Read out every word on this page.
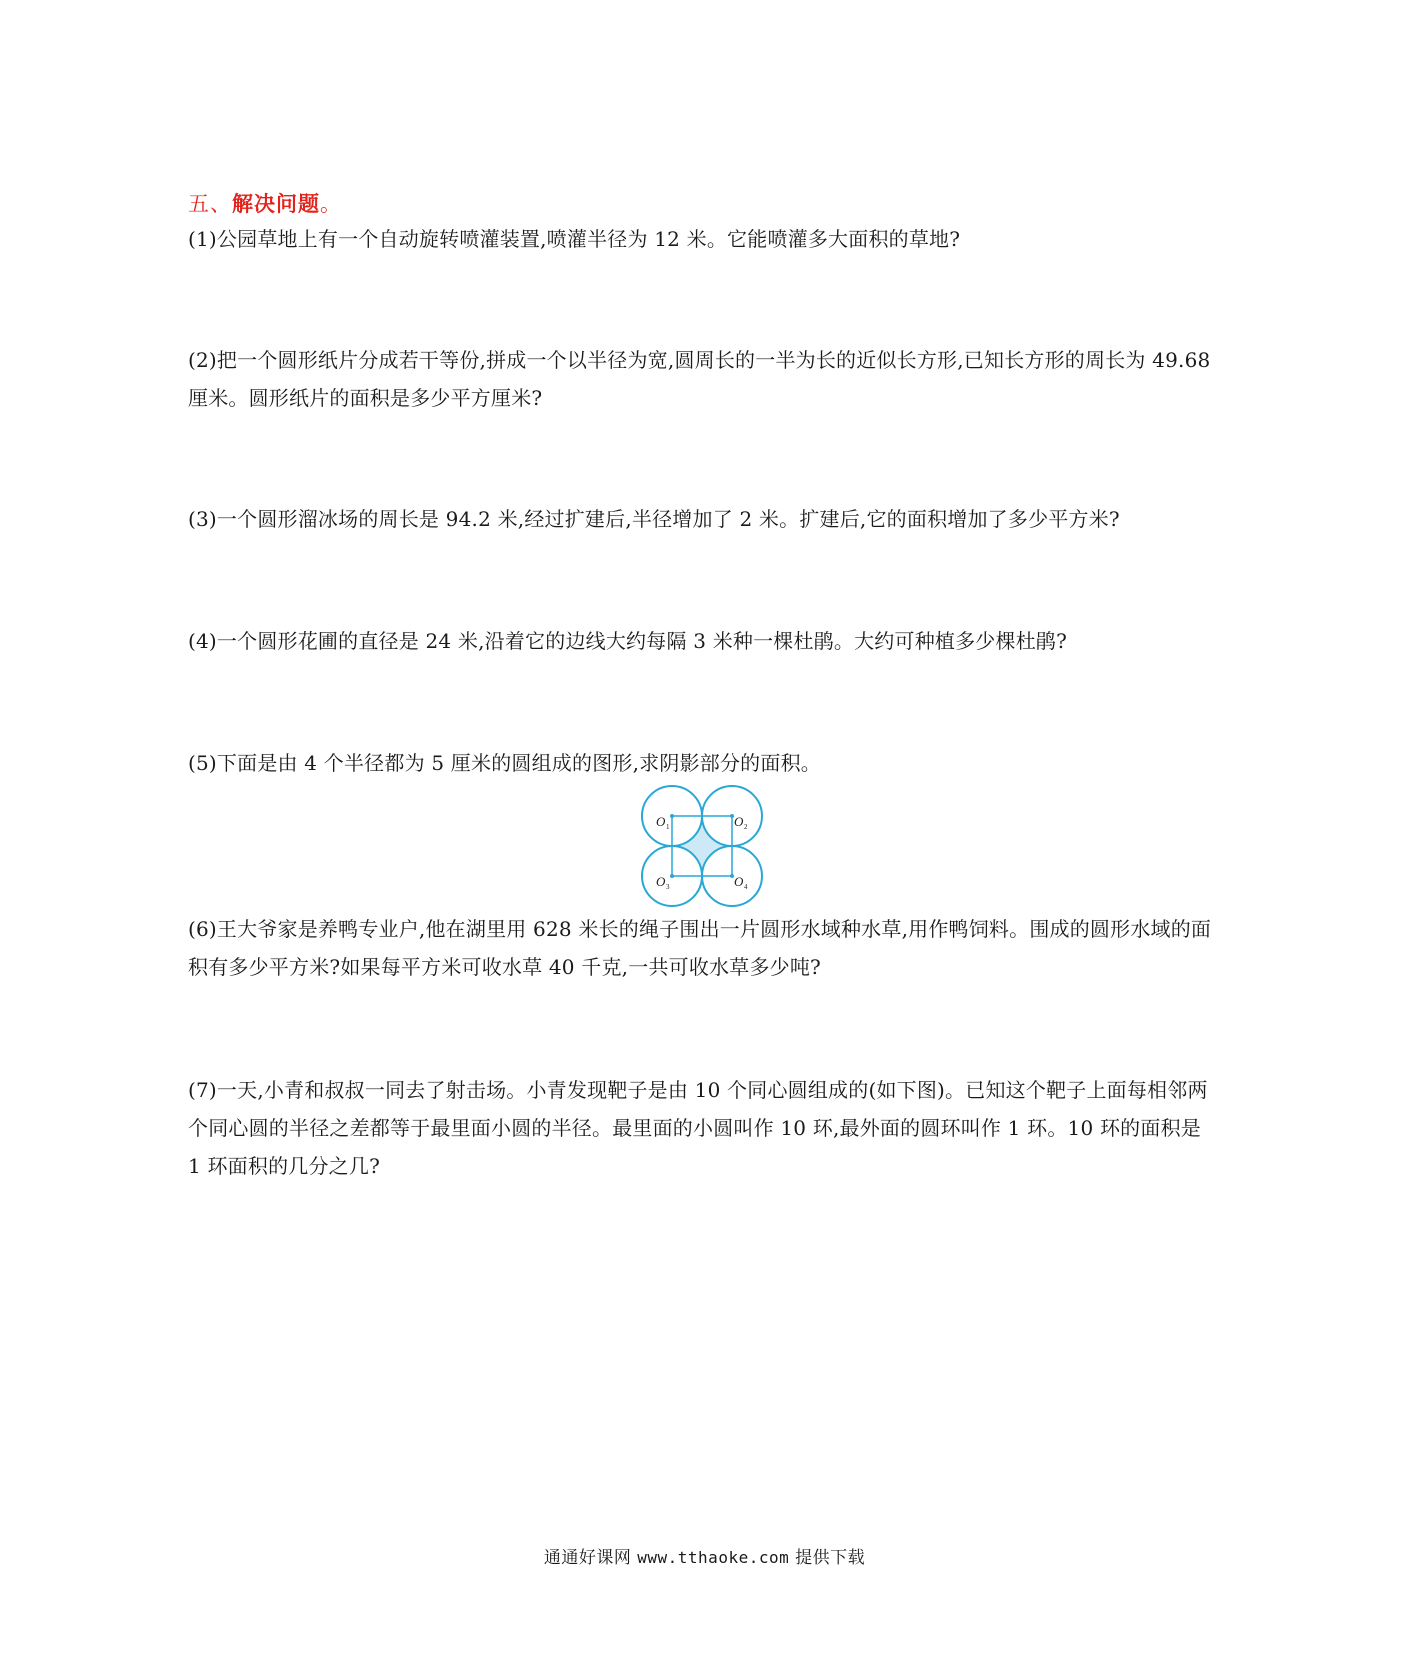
五、解决问题。
(1)公园草地上有一个自动旋转喷灌装置,喷灌半径为 12 米。它能喷灌多大面积的草地?
(2)把一个圆形纸片分成若干等份,拼成一个以半径为宽,圆周长的一半为长的近似长方形,已知长方形的周长为 49.68 厘米。圆形纸片的面积是多少平方厘米?
(3)一个圆形溜冰场的周长是 94.2 米,经过扩建后,半径增加了 2 米。扩建后,它的面积增加了多少平方米?
(4)一个圆形花圃的直径是 24 米,沿着它的边线大约每隔 3 米种一棵杜鹃。大约可种植多少棵杜鹃?
(5)下面是由 4 个半径都为 5 厘米的圆组成的图形,求阴影部分的面积。
O 1	O 2
O 3	O 4
(6)王大爷家是养鸭专业户,他在湖里用 628 米长的绳子围出一片圆形水域种水草,用作鸭饲料。围成的圆形水域的面积有多少平方米?如果每平方米可收水草 40 千克,一共可收水草多少吨?
(7)一天,小青和叔叔一同去了射击场。小青发现靶子是由 10 个同心圆组成的(如下图)。已知这个靶子上面每相邻两个同心圆的半径之差都等于最里面小圆的半径。最里面的小圆叫作 10 环,最外面的圆环叫作 1 环。10 环的面积是 1 环面积的几分之几?
通通好课网 www.tthaoke.com 提供下载
